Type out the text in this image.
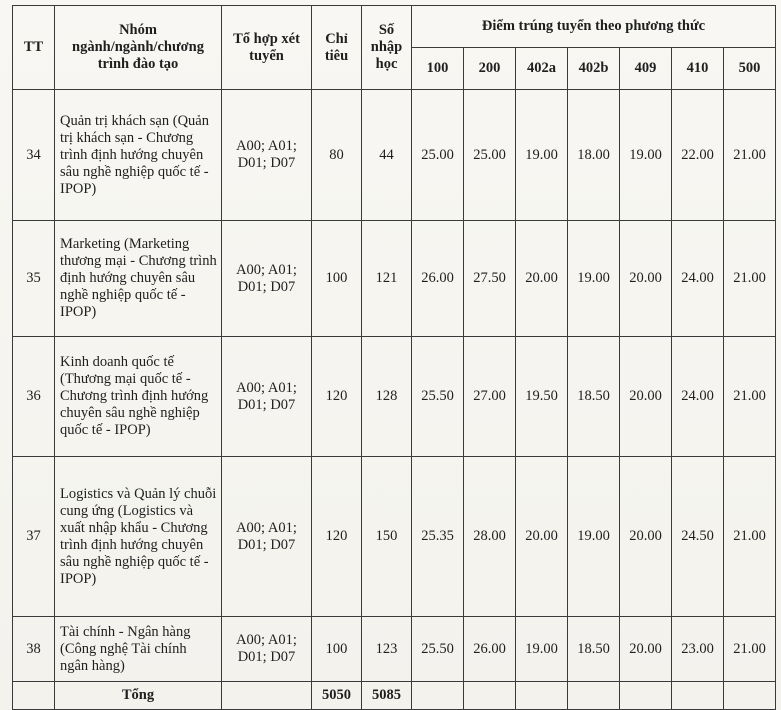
TT	Nhóm ngành/ngành/chương trình đào tạo	Tổ hợp xét tuyển	Chỉ tiêu	Số nhập học	Điểm trúng tuyển theo phương thức						
					100	200	402a	402b	409	410	500
34	Quản trị khách sạn (Quản trị khách sạn - Chương trình định hướng chuyên sâu nghề nghiệp quốc tế - IPOP)	A00; A01; D01; D07	80	44	25.00	25.00	19.00	18.00	19.00	22.00	21.00
35	Marketing (Marketing thương mại - Chương trình định hướng chuyên sâu nghề nghiệp quốc tế - IPOP)	A00; A01; D01; D07	100	121	26.00	27.50	20.00	19.00	20.00	24.00	21.00
36	Kinh doanh quốc tế (Thương mại quốc tế - Chương trình định hướng chuyên sâu nghề nghiệp quốc tế - IPOP)	A00; A01; D01; D07	120	128	25.50	27.00	19.50	18.50	20.00	24.00	21.00
37	Logistics và Quản lý chuỗi cung ứng (Logistics và xuất nhập khẩu - Chương trình định hướng chuyên sâu nghề nghiệp quốc tế - IPOP)	A00; A01; D01; D07	120	150	25.35	28.00	20.00	19.00	20.00	24.50	21.00
38	Tài chính - Ngân hàng (Công nghệ Tài chính ngân hàng)	A00; A01; D01; D07	100	123	25.50	26.00	19.00	18.50	20.00	23.00	21.00
	Tổng		5050	5085							
